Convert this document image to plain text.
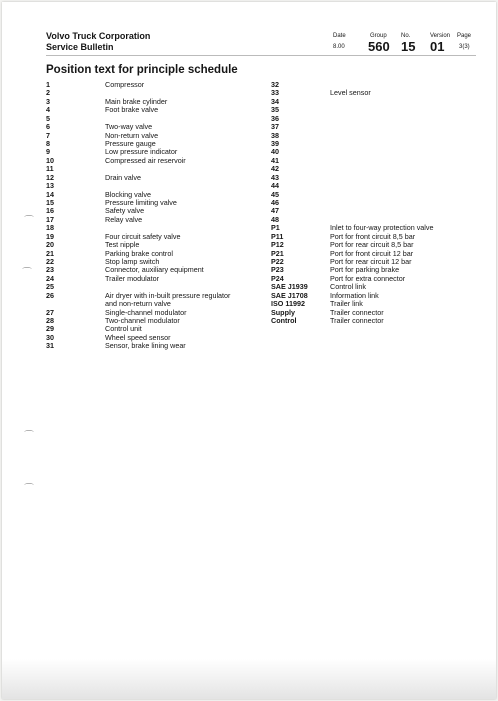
Volvo Truck Corporation
Service Bulletin
Date	Group No.	Version Page
8.00 560 15 01 3(3)
Position text for principle schedule
1	Compressor
2
3	Main brake cylinder
4	Foot brake valve
5
6	Two-way valve
7	Non-return valve
8	Pressure gauge
9	Low pressure indicator
10	Compressed air reservoir
11
12	Drain valve
13
14	Blocking valve
15	Pressure limiting valve
16	Safety valve
17	Relay valve
18
19	Four circuit safety valve
20	Test nipple
21	Parking brake control
22	Stop lamp switch
23	Connector, auxiliary equipment
24	Trailer modulator
25
26	Air dryer with in-built pressure regulator
and non-return valve
27	Single-channel modulator
28	Two-channel modulator
29	Control unit
30	Wheel speed sensor
31	Sensor, brake lining wear
32
33	Level sensor
34
35
36
37
38
39
40
41
42
43
44
45
46
47
48
P1	Inlet to four-way protection valve
P11	Port for front circuit 8,5 bar
P12	Port for rear circuit 8,5 bar
P21	Port for front circuit 12 bar
P22	Port for rear circuit 12 bar
P23	Port for parking brake
P24	Port for extra connector
SAE J1939	Control link
SAE J1708	Information link
ISO 11992	Trailer link
Supply	Trailer connector
Control	Trailer connector
⌒
⌒
⌒
⌒
